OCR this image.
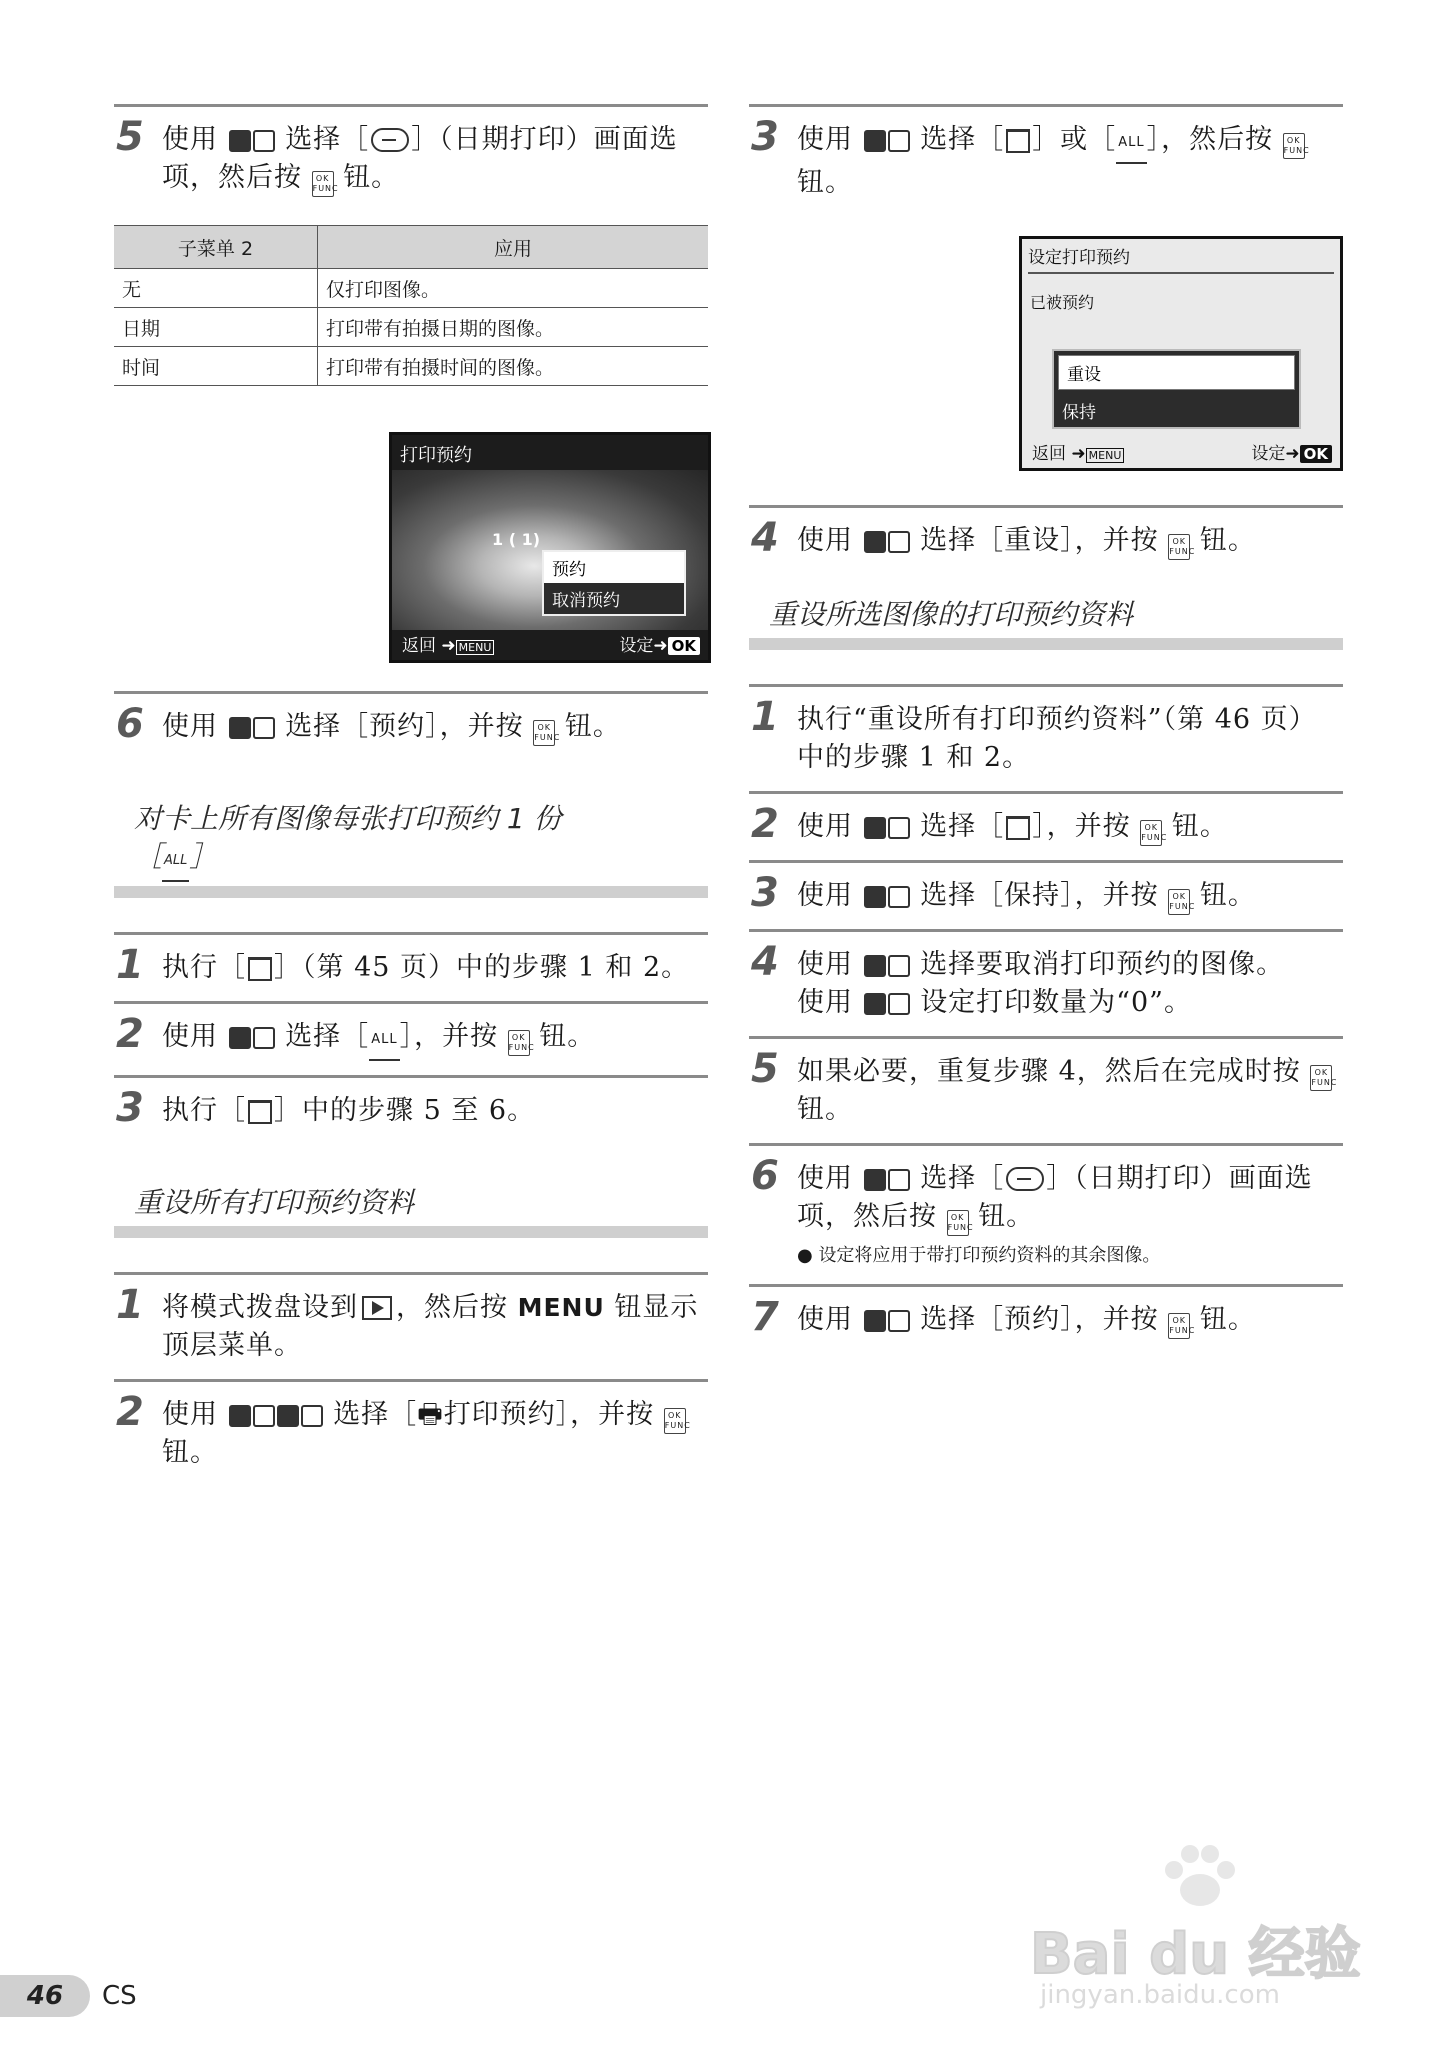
5 使用 选择［ ］（日期打印）画面选项，然后按 OK
FUNC 钮。
子菜单 2	应用
无	仅打印图像。
日期	打印带有拍摄日期的图像。
时间	打印带有拍摄时间的图像。
打印预约
1 ( 1)
预约
取消预约
返回 ➜ MENU	设定➜ OK
6 使用 选择［预约］，并按 OK
FUNC 钮。
对卡上所有图像每张打印预约 1 份
［ ALL］
1 执行［ ］（第 45 页）中的步骤 1 和 2。
2 使用 选择［ ALL］，并按 OK
FUNC 钮。
3 执行［ ］中的步骤 5 至 6。
重设所有打印预约资料
1 将模式拨盘设到 ，然后按 MENU 钮显示顶层菜单。
2 使用	选择［🖶打印预约］，并按 OK
FUNC 钮。
3 使用 选择［ ］或［ ALL］，然后按 OK
FUNC 钮。
设定打印预约
已被预约
重设
保持
返回 ➜ MENU	设定➜ OK
4 使用 选择［重设］，并按 OK
FUNC 钮。
重设所选图像的打印预约资料
1 执行“重设所有打印预约资料”（第 46 页）中的步骤 1 和 2。
2 使用 选择［ ］，并按 OK
FUNC 钮。
3 使用 选择［保持］，并按 OK
FUNC 钮。
4 使用 选择要取消打印预约的图像。
使用 设定打印数量为“0”。
5 如果必要，重复步骤 4，然后在完成时按 OK
FUNC 钮。
6 使用 选择［ ］（日期打印）画面选项，然后按 OK
FUNC 钮。
● 设定将应用于带打印预约资料的其余图像。
7 使用 选择［预约］，并按 OK
FUNC 钮。
Bai du 经验
jingyan.baidu.com
46	CS
